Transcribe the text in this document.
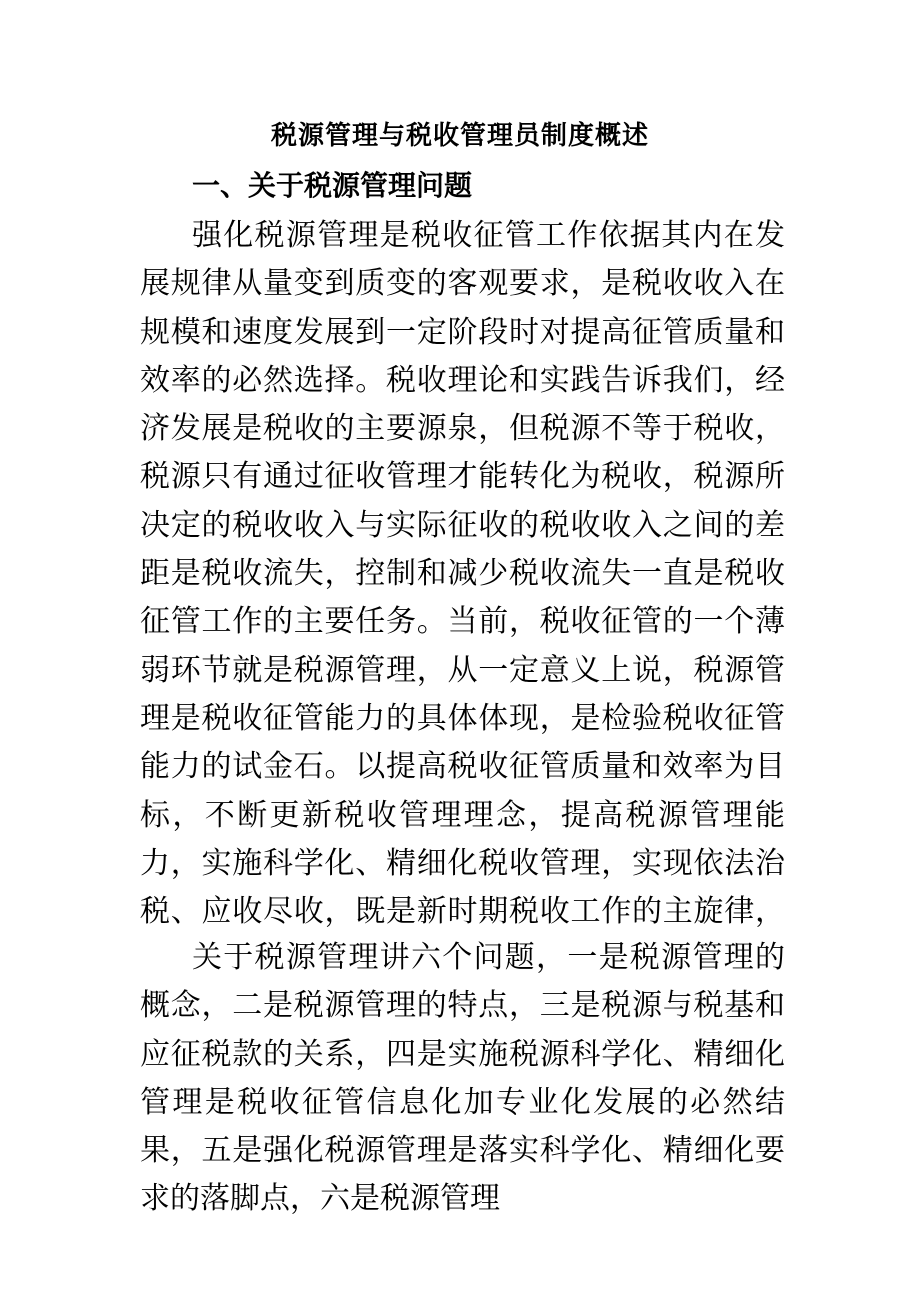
税源管理与税收管理员制度概述
一、关于税源管理问题

强化税源管理是税收征管工作依据其内在发展规律从量变到质变的客观要求，是税收收入在规模和速度发展到一定阶段时对提高征管质量和效率的必然选择。税收理论和实践告诉我们，经济发展是税收的主要源泉，但税源不等于税收，税源只有通过征收管理才能转化为税收，税源所决定的税收收入与实际征收的税收收入之间的差距是税收流失，控制和减少税收流失一直是税收征管工作的主要任务。当前，税收征管的一个薄弱环节就是税源管理，从一定意义上说，税源管理是税收征管能力的具体体现，是检验税收征管能力的试金石。以提高税收征管质量和效率为目标，不断更新税收管理理念，提高税源管理能力，实施科学化、精细化税收管理，实现依法治税、应收尽收，既是新时期税收工作的主旋律，

关于税源管理讲六个问题，一是税源管理的概念，二是税源管理的特点，三是税源与税基和应征税款的关系，四是实施税源科学化、精细化管理是税收征管信息化加专业化发展的必然结果，五是强化税源管理是落实科学化、精细化要求的落脚点，六是税源管理
